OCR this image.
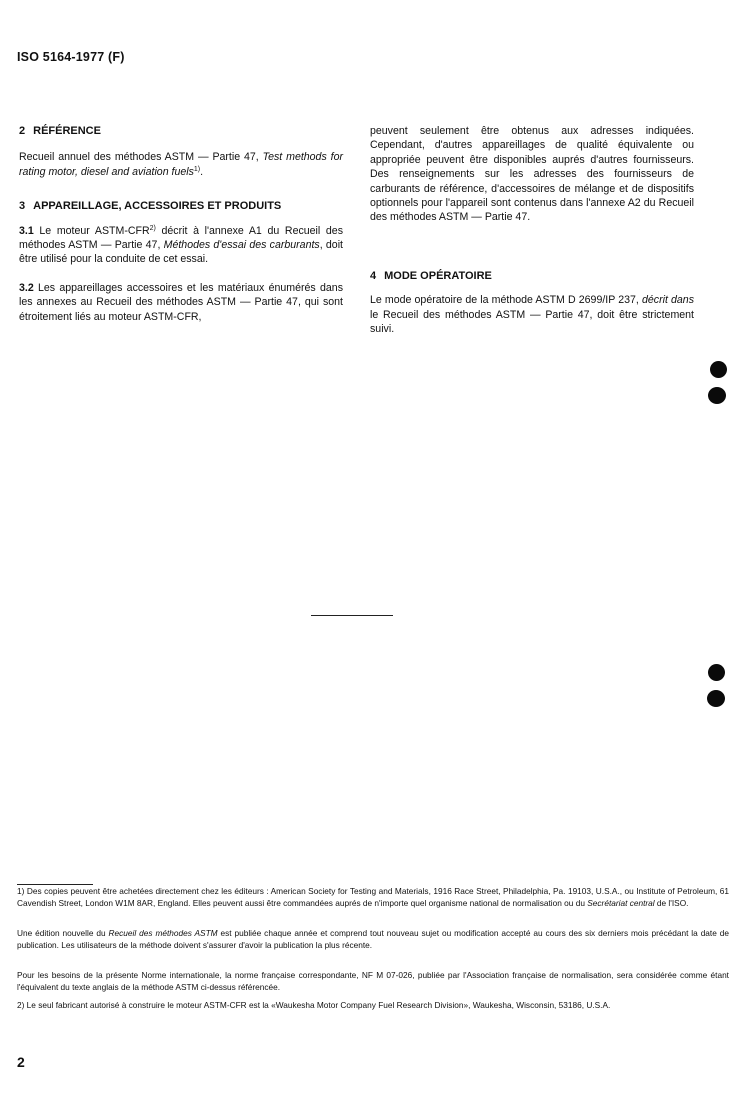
ISO 5164-1977 (F)
2 RÉFÉRENCE

Recueil annuel des méthodes ASTM — Partie 47, Test methods for rating motor, diesel and aviation fuels$^{1)}$.

3 APPAREILLAGE, ACCESSOIRES ET PRODUITS

3.1 Le moteur ASTM-CFR$^{2)}$ décrit à l'annexe A1 du Recueil des méthodes ASTM — Partie 47, Méthodes d'essai des carburants, doit être utilisé pour la conduite de cet essai.

3.2 Les appareillages accessoires et les matériaux énumérés dans les annexes au Recueil des méthodes ASTM — Partie 47, qui sont étroitement liés au moteur ASTM-CFR,

peuvent seulement être obtenus aux adresses indiquées. Cependant, d'autres appareillages de qualité équivalente ou appropriée peuvent être disponibles auprés d'autres fournisseurs. Des renseignements sur les adresses des fournisseurs de carburants de référence, d'accessoires de mélange et de dispositifs optionnels pour l'appareil sont contenus dans l'annexe A2 du Recueil des méthodes ASTM — Partie 47.

4 MODE OPÉRATOIRE

Le mode opératoire de la méthode ASTM D 2699/IP 237, décrit dans le Recueil des méthodes ASTM — Partie 47, doit être strictement suivi.

1) Des copies peuvent être achetées directement chez les éditeurs : American Society for Testing and Materials, 1916 Race Street, Philadelphia, Pa. 19103, U.S.A., ou Institute of Petroleum, 61 Cavendish Street, London W1M 8AR, England. Elles peuvent aussi être commandées auprés de n'importe quel organisme national de normalisation ou du Secrétariat central de l'ISO.
Une édition nouvelle du Recueil des méthodes ASTM est publiée chaque année et comprend tout nouveau sujet ou modification accepté au cours des six derniers mois précédant la date de publication. Les utilisateurs de la méthode doivent s'assurer d'avoir la publication la plus récente.
Pour les besoins de la présente Norme internationale, la norme française correspondante, NF M 07-026, publiée par l'Association française de normalisation, sera considérée comme étant l'équivalent du texte anglais de la méthode ASTM ci-dessus référencée.
2) Le seul fabricant autorisé à construire le moteur ASTM-CFR est la «Waukesha Motor Company Fuel Research Division», Waukesha, Wisconsin, 53186, U.S.A.
2
